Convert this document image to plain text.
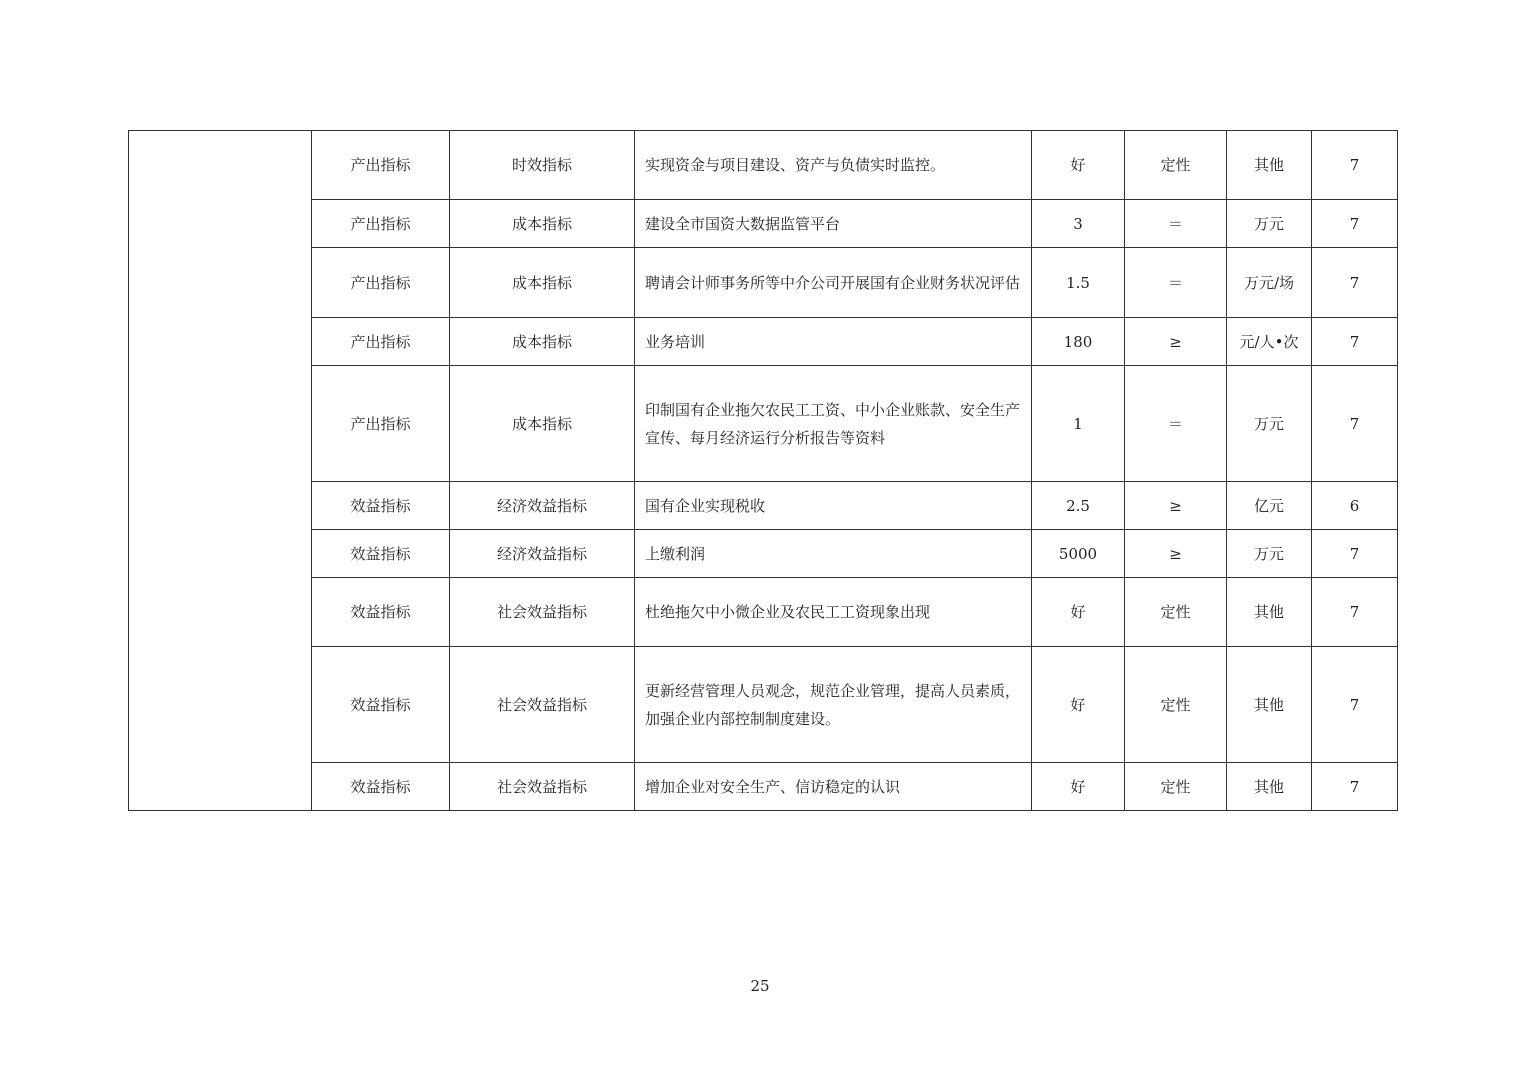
	产出指标	时效指标	实现资金与项目建设、资产与负债实时监控。	好	定性	其他	7
	产出指标	成本指标	建设全市国资大数据监管平台	3	＝	万元	7
	产出指标	成本指标	聘请会计师事务所等中介公司开展国有企业财务状况评估	1.5	＝	万元/场	7
	产出指标	成本指标	业务培训	180	≥	元/人•次	7
	产出指标	成本指标	印制国有企业拖欠农民工工资、中小企业账款、安全生产宣传、每月经济运行分析报告等资料	1	＝	万元	7
	效益指标	经济效益指标	国有企业实现税收	2.5	≥	亿元	6
	效益指标	经济效益指标	上缴利润	5000	≥	万元	7
	效益指标	社会效益指标	杜绝拖欠中小微企业及农民工工资现象出现	好	定性	其他	7
	效益指标	社会效益指标	更新经营管理人员观念，规范企业管理，提高人员素质，加强企业内部控制制度建设。	好	定性	其他	7
	效益指标	社会效益指标	增加企业对安全生产、信访稳定的认识	好	定性	其他	7
25
